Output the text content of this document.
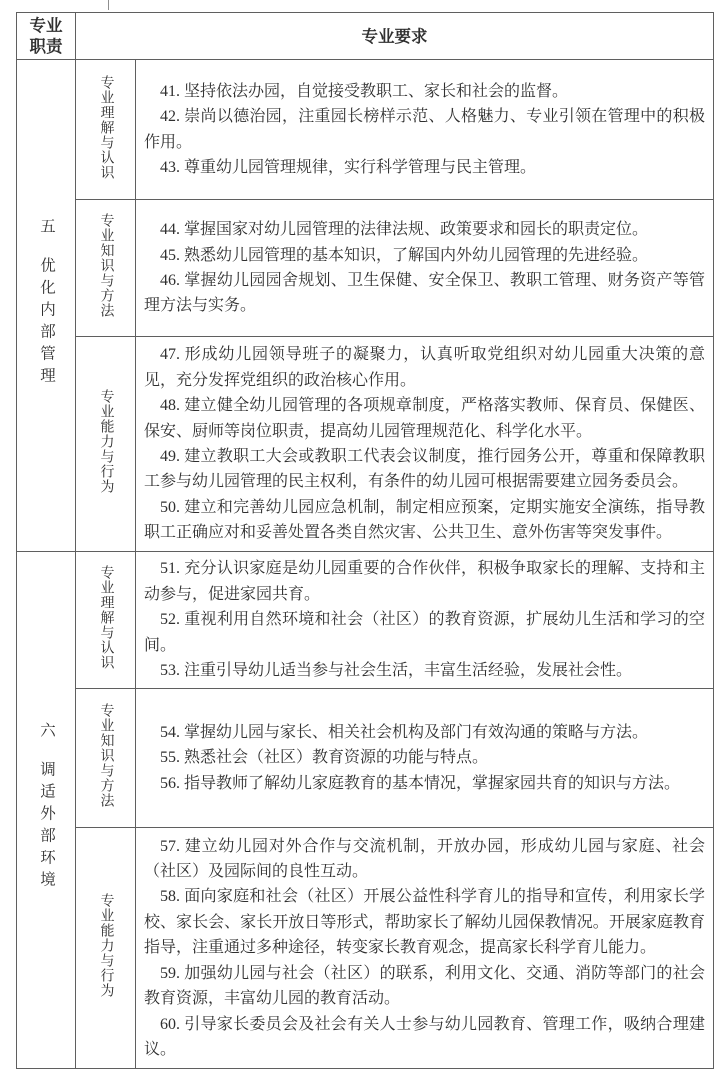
专业职责	专业要求	
五优化内部管理	专业理解与认识	41. 坚持依法办园，自觉接受教职工、家长和社会的监督。

42. 崇尚以德治园，注重园长榜样示范、人格魅力、专业引领在管理中的积极作用。

43. 尊重幼儿园管理规律，实行科学管理与民主管理。

	专业知识与方法	44. 掌握国家对幼儿园管理的法律法规、政策要求和园长的职责定位。

45. 熟悉幼儿园管理的基本知识，了解国内外幼儿园管理的先进经验。

46. 掌握幼儿园园舍规划、卫生保健、安全保卫、教职工管理、财务资产等管理方法与实务。

	专业能力与行为	47. 形成幼儿园领导班子的凝聚力，认真听取党组织对幼儿园重大决策的意见，充分发挥党组织的政治核心作用。

48. 建立健全幼儿园管理的各项规章制度，严格落实教师、保育员、保健医、保安、厨师等岗位职责，提高幼儿园管理规范化、科学化水平。

49. 建立教职工大会或教职工代表会议制度，推行园务公开，尊重和保障教职工参与幼儿园管理的民主权利，有条件的幼儿园可根据需要建立园务委员会。

50. 建立和完善幼儿园应急机制，制定相应预案，定期实施安全演练，指导教职工正确应对和妥善处置各类自然灾害、公共卫生、意外伤害等突发事件。

六调适外部环境	专业理解与认识	51. 充分认识家庭是幼儿园重要的合作伙伴，积极争取家长的理解、支持和主动参与，促进家园共育。

52. 重视利用自然环境和社会（社区）的教育资源，扩展幼儿生活和学习的空间。

53. 注重引导幼儿适当参与社会生活，丰富生活经验，发展社会性。

	专业知识与方法	54. 掌握幼儿园与家长、相关社会机构及部门有效沟通的策略与方法。

55. 熟悉社会（社区）教育资源的功能与特点。

56. 指导教师了解幼儿家庭教育的基本情况，掌握家园共育的知识与方法。

	专业能力与行为	57. 建立幼儿园对外合作与交流机制，开放办园，形成幼儿园与家庭、社会（社区）及园际间的良性互动。

58. 面向家庭和社会（社区）开展公益性科学育儿的指导和宣传，利用家长学校、家长会、家长开放日等形式，帮助家长了解幼儿园保教情况。开展家庭教育指导，注重通过多种途径，转变家长教育观念，提高家长科学育儿能力。

59. 加强幼儿园与社会（社区）的联系，利用文化、交通、消防等部门的社会教育资源，丰富幼儿园的教育活动。

60. 引导家长委员会及社会有关人士参与幼儿园教育、管理工作，吸纳合理建议。
